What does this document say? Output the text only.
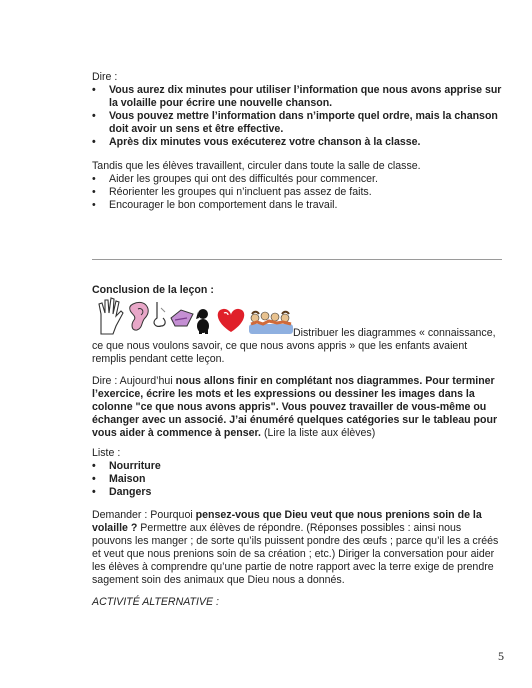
Dire :
• Vous aurez dix minutes pour utiliser l’information que nous avons apprise sur la volaille pour écrire une nouvelle chanson.
• Vous pouvez mettre l’information dans n’importe quel ordre, mais la chanson doit avoir un sens et être effective.
• Après dix minutes vous exécuterez votre chanson à la classe.
Tandis que les élèves travaillent, circuler dans toute la salle de classe.
• Aider les groupes qui ont des difficultés pour commencer.
• Réorienter les groupes qui n’incluent pas assez de faits.
• Encourager le bon comportement dans le travail.
Conclusion de la leçon :
Distribuer les diagrammes « connaissance,
ce que nous voulons savoir, ce que nous avons appris » que les enfants avaient remplis pendant cette leçon.
Dire : Aujourd’hui nous allons finir en complétant nos diagrammes. Pour terminer l’exercice, écrire les mots et les expressions ou dessiner les images dans la colonne "ce que nous avons appris". Vous pouvez travailler de vous-même ou échanger avec un associé. J’ai énuméré quelques catégories sur le tableau pour vous aider à commence à penser. (Lire la liste aux élèves)
Liste :
• Nourriture
• Maison
• Dangers
Demander : Pourquoi pensez-vous que Dieu veut que nous prenions soin de la volaille ? Permettre aux élèves de répondre. (Réponses possibles : ainsi nous pouvons les manger ; de sorte qu’ils puissent pondre des œufs ; parce qu’il les a créés et veut que nous prenions soin de sa création ; etc.) Diriger la conversation pour aider les élèves à comprendre qu’une partie de notre rapport avec la terre exige de prendre sagement soin des animaux que Dieu nous a donnés.
ACTIVITÉ ALTERNATIVE :
5
